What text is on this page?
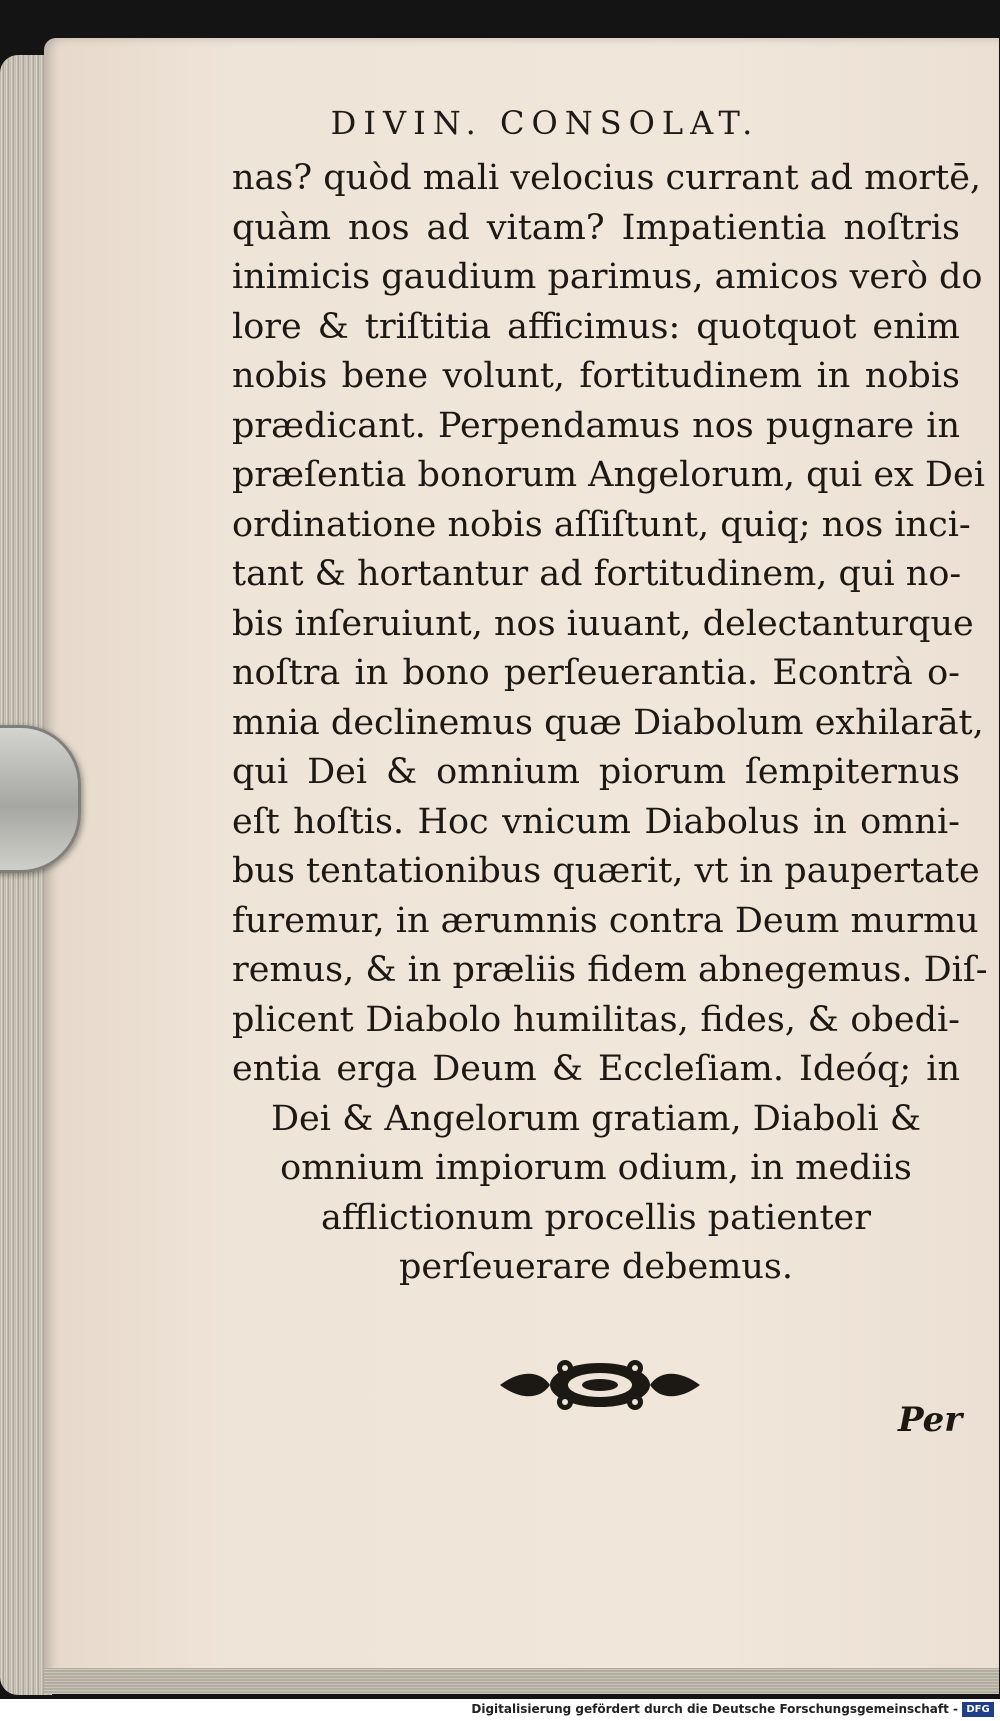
DIVIN. CONSOLAT.
nas? quòd mali velocius currant ad mortē,
quàm nos ad vitam? Impatientia noſtris
inimicis gaudium parimus, amicos verò do
lore & triſtitia afficimus: quotquot enim
nobis bene volunt, fortitudinem in nobis
prædicant. Perpendamus nos pugnare in
præſentia bonorum Angelorum, qui ex Dei
ordinatione nobis aſſiſtunt, quiq; nos inci-
tant & hortantur ad fortitudinem, qui no-
bis inſeruiunt, nos iuuant, delectanturque
noſtra in bono perſeuerantia. Econtrà o-
mnia declinemus quæ Diabolum exhilarāt,
qui Dei & omnium piorum ſempiternus
eſt hoſtis. Hoc vnicum Diabolus in omni-
bus tentationibus quærit, vt in paupertate
furemur, in ærumnis contra Deum murmu
remus, & in præliis fidem abnegemus. Diſ-
plicent Diabolo humilitas, fides, & obedi-
entia erga Deum & Eccleſiam. Ideóq; in
Dei & Angelorum gratiam, Diaboli &
omnium impiorum odium, in mediis
afflictionum procellis patienter
perſeuerare debemus.
Per
Digitalisierung gefördert durch die Deutsche Forschungsgemeinschaft - DFG
